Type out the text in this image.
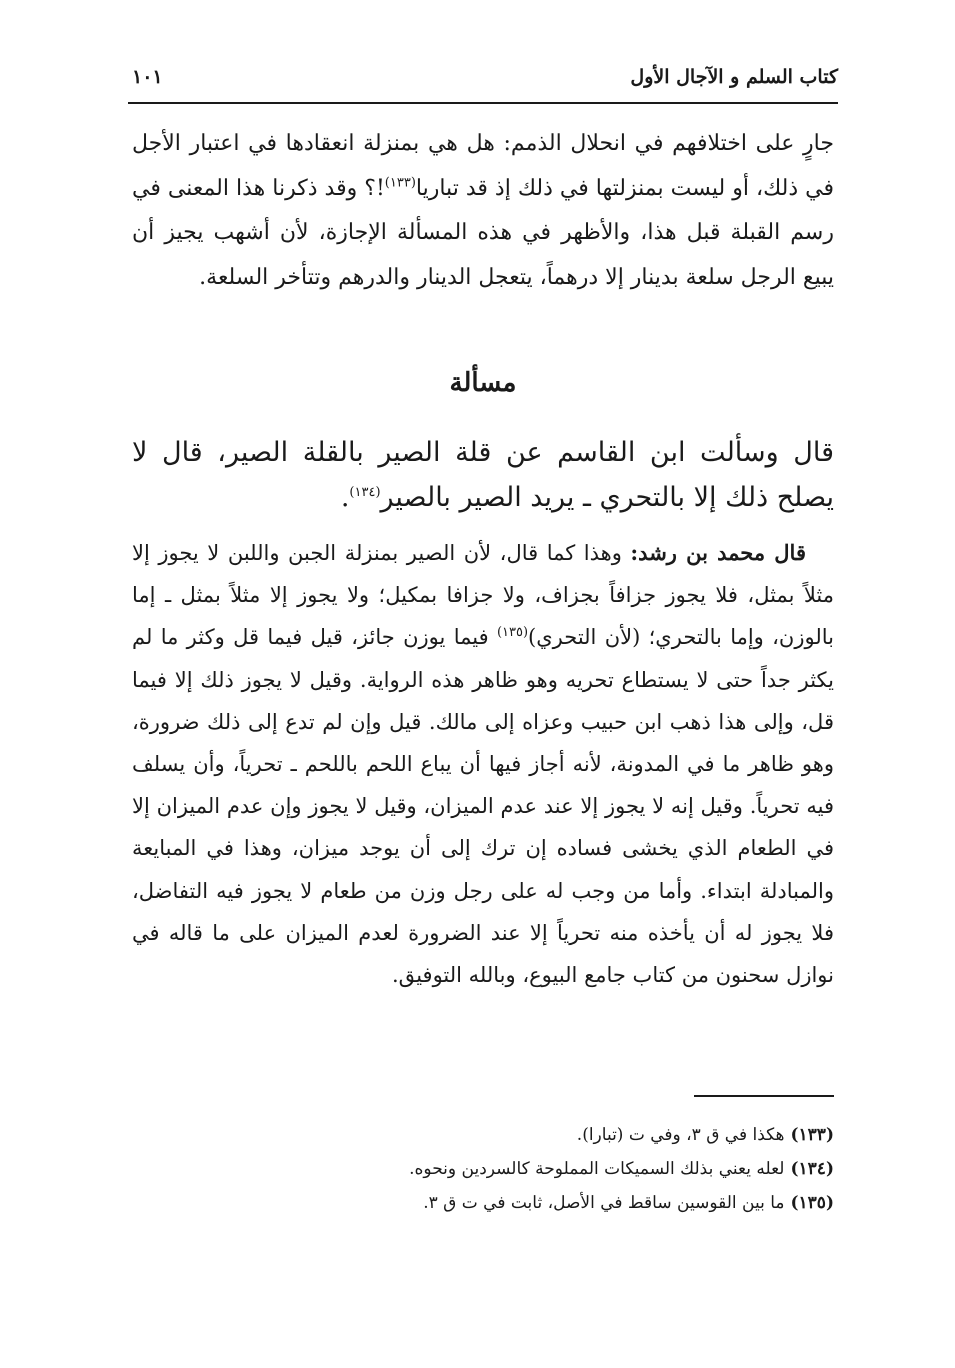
كتاب السلم و الآجال الأول
١٠١

جارٍ على اختلافهم في انحلال الذمم: هل هي بمنزلة انعقادها في اعتبار الأجل في ذلك، أو ليست بمنزلتها في ذلك إذ قد تباريا$^{(١٣٣)}$!؟ وقد ذكرنا هذا المعنى في رسم القبلة قبل هذا، والأظهر في هذه المسألة الإجازة، لأن أشهب يجيز أن يبيع الرجل سلعة بدينار إلا درهماً، يتعجل الدينار والدرهم وتتأخر السلعة.

مسألة

قال وسألت ابن القاسم عن قلة الصير بالقلة الصير، قال لا يصلح ذلك إلا بالتحري ـ يريد الصير بالصير$^{(١٣٤)}$.

قال محمد بن رشد: وهذا كما قال، لأن الصير بمنزلة الجبن واللبن لا يجوز إلا مثلاً بمثل، فلا يجوز جزافاً بجزاف، ولا جزافا بمكيل؛ ولا يجوز إلا مثلاً بمثل ـ إما بالوزن، وإما بالتحري؛ (لأن التحري)$^{(١٣٥)}$ فيما يوزن جائز، قيل فيما قل وكثر ما لم يكثر جداً حتى لا يستطاع تحريه وهو ظاهر هذه الرواية. وقيل لا يجوز ذلك إلا فيما قل، وإلى هذا ذهب ابن حبيب وعزاه إلى مالك. قيل وإن لم تدع إلى ذلك ضرورة، وهو ظاهر ما في المدونة، لأنه أجاز فيها أن يباع اللحم باللحم ـ تحرياً، وأن يسلف فيه تحرياً. وقيل إنه لا يجوز إلا عند عدم الميزان، وقيل لا يجوز وإن عدم الميزان إلا في الطعام الذي يخشى فساده إن ترك إلى أن يوجد ميزان، وهذا في المبايعة والمبادلة ابتداء. وأما من وجب له على رجل وزن من طعام لا يجوز فيه التفاضل، فلا يجوز له أن يأخذه منه تحرياً إلا عند الضرورة لعدم الميزان على ما قاله في نوازل سحنون من كتاب جامع البيوع، وبالله التوفيق.

(١٣٣)هكذا في ق ٣، وفي ت (تبارا).
(١٣٤)لعله يعني بذلك السميكات المملوحة كالسردين ونحوه.
(١٣٥)ما بين القوسين ساقط في الأصل، ثابت في ت ق ٣.
